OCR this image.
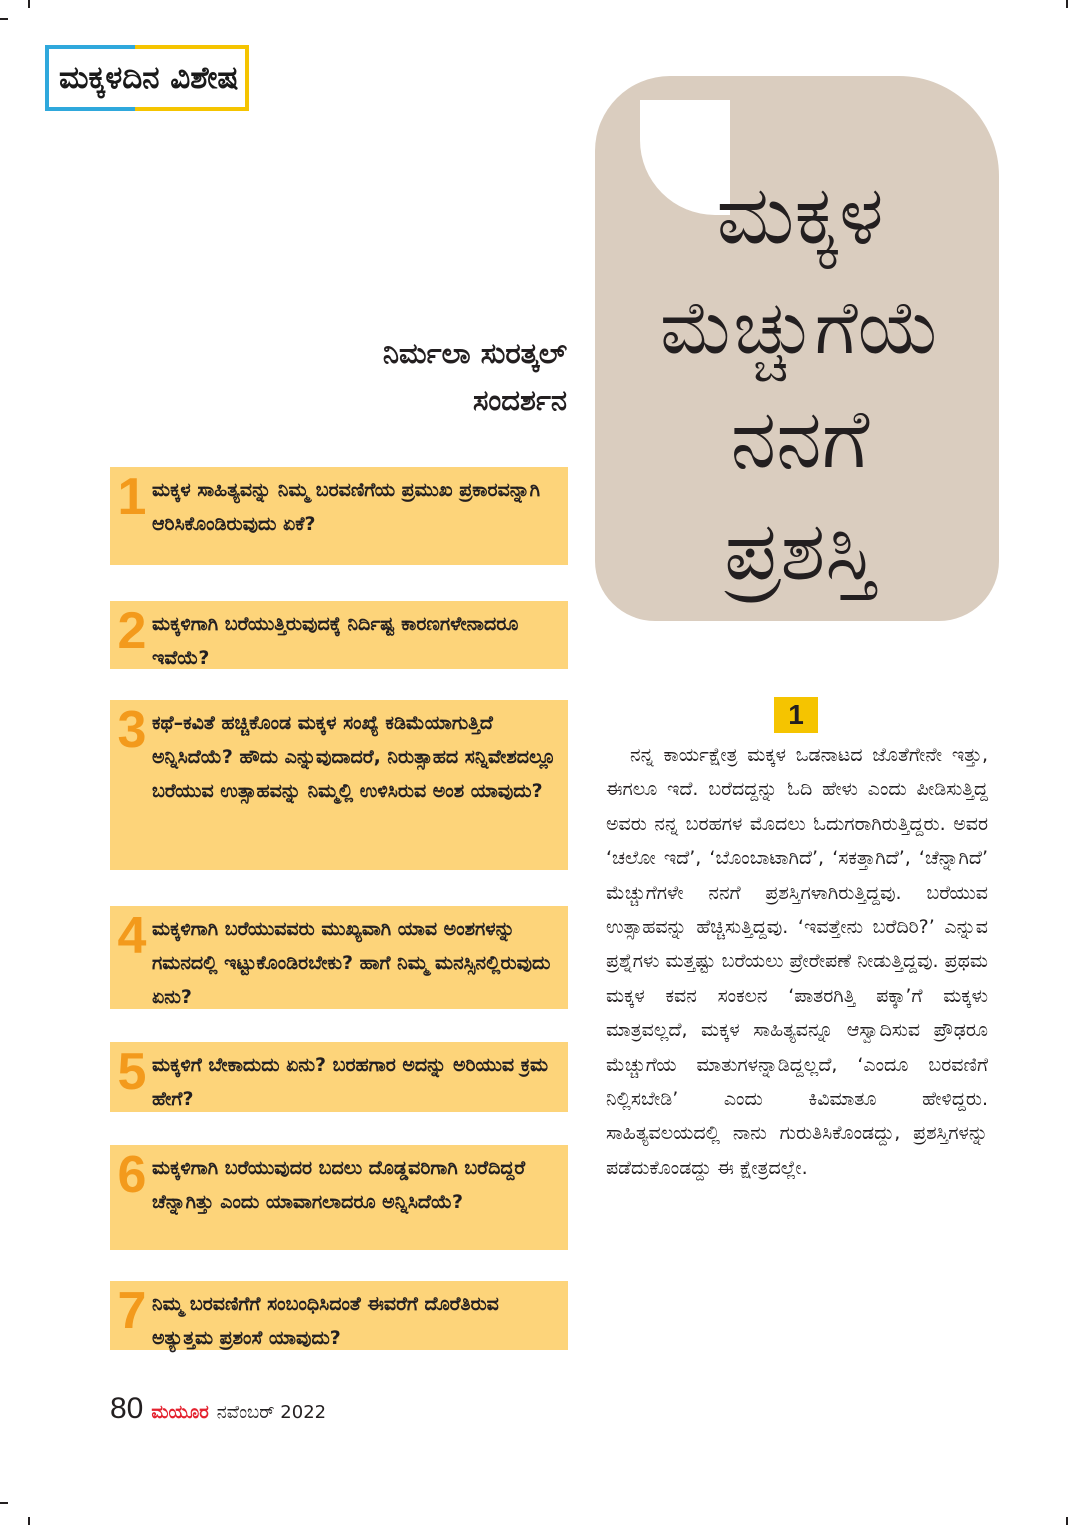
ಮಕ್ಕಳದಿನ ವಿಶೇಷ
ನಿರ್ಮಲಾ ಸುರತ್ಕಲ್
ಸಂದರ್ಶನ
ಮಕ್ಕಳ
ಮೆಚ್ಚುಗೆಯೆ
ನನಗೆ
ಪ್ರಶಸ್ತಿ
1 ಮಕ್ಕಳ ಸಾಹಿತ್ಯವನ್ನು ನಿಮ್ಮ ಬರವಣಿಗೆಯ ಪ್ರಮುಖ ಪ್ರಕಾರವನ್ನಾಗಿ ಆರಿಸಿಕೊಂಡಿರುವುದು ಏಕೆ?
2 ಮಕ್ಕಳಿಗಾಗಿ ಬರೆಯುತ್ತಿರುವುದಕ್ಕೆ ನಿರ್ದಿಷ್ಟ ಕಾರಣಗಳೇನಾದರೂ ಇವೆಯೆ?
3 ಕಥೆ–ಕವಿತೆ ಹಚ್ಚಿಕೊಂಡ ಮಕ್ಕಳ ಸಂಖ್ಯೆ ಕಡಿಮೆಯಾಗುತ್ತಿದೆ ಅನ್ನಿಸಿದೆಯೆ? ಹೌದು ಎನ್ನುವುದಾದರೆ, ನಿರುತ್ಸಾಹದ ಸನ್ನಿವೇಶದಲ್ಲೂ ಬರೆಯುವ ಉತ್ಸಾಹವನ್ನು ನಿಮ್ಮಲ್ಲಿ ಉಳಿಸಿರುವ ಅಂಶ ಯಾವುದು?
4 ಮಕ್ಕಳಿಗಾಗಿ ಬರೆಯುವವರು ಮುಖ್ಯವಾಗಿ ಯಾವ ಅಂಶಗಳನ್ನು ಗಮನದಲ್ಲಿ ಇಟ್ಟುಕೊಂಡಿರಬೇಕು? ಹಾಗೆ ನಿಮ್ಮ ಮನಸ್ಸಿನಲ್ಲಿರುವುದು ಏನು?
5 ಮಕ್ಕಳಿಗೆ ಬೇಕಾದುದು ಏನು? ಬರಹಗಾರ ಅದನ್ನು ಅರಿಯುವ ಕ್ರಮ ಹೇಗೆ?
6 ಮಕ್ಕಳಿಗಾಗಿ ಬರೆಯುವುದರ ಬದಲು ದೊಡ್ಡವರಿಗಾಗಿ ಬರೆದಿದ್ದರೆ ಚೆನ್ನಾಗಿತ್ತು ಎಂದು ಯಾವಾಗಲಾದರೂ ಅನ್ನಿಸಿದೆಯೆ?
7 ನಿಮ್ಮ ಬರವಣಿಗೆಗೆ ಸಂಬಂಧಿಸಿದಂತೆ ಈವರೆಗೆ ದೊರೆತಿರುವ ಅತ್ಯುತ್ತಮ ಪ್ರಶಂಸೆ ಯಾವುದು?
1
ನನ್ನ ಕಾರ್ಯಕ್ಷೇತ್ರ ಮಕ್ಕಳ ಒಡನಾಟದ ಜೊತೆಗೇನೇ ಇತ್ತು, ಈಗಲೂ ಇದೆ. ಬರೆದದ್ದನ್ನು ಓದಿ ಹೇಳು ಎಂದು ಪೀಡಿಸುತ್ತಿದ್ದ ಅವರು ನನ್ನ ಬರಹಗಳ ಮೊದಲು ಓದುಗರಾಗಿರುತ್ತಿದ್ದರು. ಅವರ ‘ಚಲೋ ಇದೆ’, ‘ಬೊಂಬಾಟಾಗಿದೆ’, ‘ಸಕತ್ತಾಗಿದೆ’, ‘ಚೆನ್ನಾಗಿದೆ’ ಮೆಚ್ಚುಗೆಗಳೇ ನನಗೆ ಪ್ರಶಸ್ತಿಗಳಾಗಿರುತ್ತಿದ್ದವು. ಬರೆಯುವ ಉತ್ಸಾಹವನ್ನು ಹೆಚ್ಚಿಸುತ್ತಿದ್ದವು. ‘ಇವತ್ತೇನು ಬರೆದಿರಿ?’ ಎನ್ನುವ ಪ್ರಶ್ನೆಗಳು ಮತ್ತಷ್ಟು ಬರೆಯಲು ಪ್ರೇರೇಪಣೆ ನೀಡುತ್ತಿದ್ದವು. ಪ್ರಥಮ ಮಕ್ಕಳ ಕವನ ಸಂಕಲನ ‘ಪಾತರಗಿತ್ತಿ ಪಕ್ಕಾ’ಗೆ ಮಕ್ಕಳು ಮಾತ್ರವಲ್ಲದೆ, ಮಕ್ಕಳ ಸಾಹಿತ್ಯವನ್ನೂ ಆಸ್ವಾದಿಸುವ ಪ್ರೌಢರೂ ಮೆಚ್ಚುಗೆಯ ಮಾತುಗಳನ್ನಾಡಿದ್ದಲ್ಲದೆ, ‘ಎಂದೂ ಬರವಣಿಗೆ ನಿಲ್ಲಿಸಬೇಡಿ’ ಎಂದು ಕಿವಿಮಾತೂ ಹೇಳಿದ್ದರು. ಸಾಹಿತ್ಯವಲಯದಲ್ಲಿ ನಾನು ಗುರುತಿಸಿಕೊಂಡದ್ದು, ಪ್ರಶಸ್ತಿಗಳನ್ನು ಪಡೆದುಕೊಂಡದ್ದು ಈ ಕ್ಷೇತ್ರದಲ್ಲೇ.
80 ಮಯೂರ ನವೆಂಬರ್ 2022
